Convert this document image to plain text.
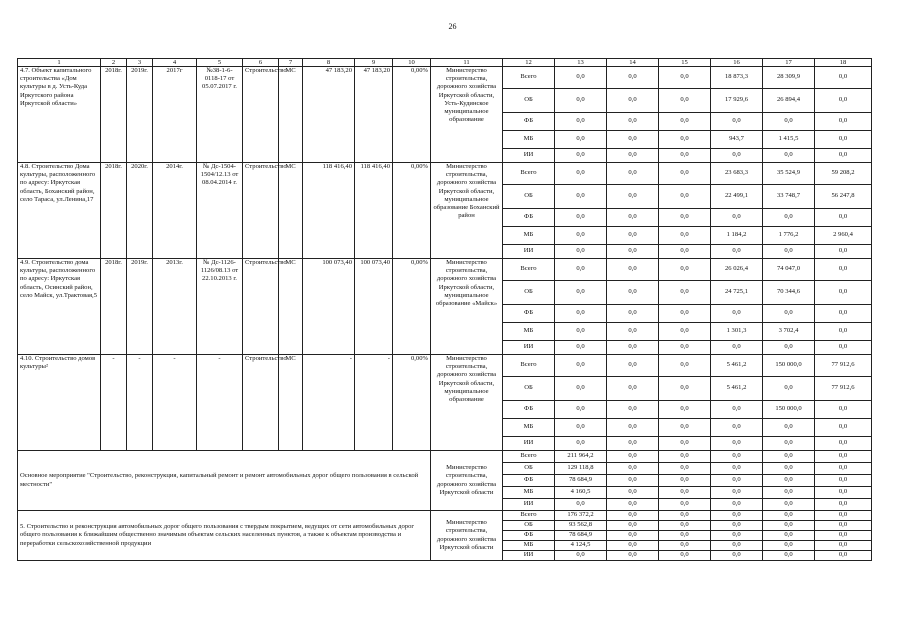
26
1	2	3	4	5	6	7	8	9	10	11	12	13	14	15	16	17	18
4.7. Объект капитального строительства «Дом культуры в д. Усть-Куда Иркутского района Иркутской области»	2018г.	2019г.	2017г	№38-1-6-0118-17 от 05.07.2017 г.	Строительство	МС	47 183,20	47 183,20	0,00%	Министерство строительства, дорожного хозяйства Иркутской области, Усть-Кудинское муниципальное образование	Всего	0,0	0,0	0,0	18 873,3	28 309,9	0,0
											ОБ	0,0	0,0	0,0	17 929,6	26 894,4	0,0
											ФБ	0,0	0,0	0,0	0,0	0,0	0,0
											МБ	0,0	0,0	0,0	943,7	1 415,5	0,0
											ИИ	0,0	0,0	0,0	0,0	0,0	0,0
4.8. Строительство Дома культуры, расположенного по адресу: Иркутская область, Боханский район, село Тараса, ул.Ленина,17	2018г.	2020г.	2014г.	№ Дс-1504-1504/12.13 от 08.04.2014 г.	Строительство	МС	118 416,40	118 416,40	0,00%	Министерство строительства, дорожного хозяйства Иркутской области, муниципальное образование Боханский район	Всего	0,0	0,0	0,0	23 683,3	35 524,9	59 208,2
											ОБ	0,0	0,0	0,0	22 499,1	33 748,7	56 247,8
											ФБ	0,0	0,0	0,0	0,0	0,0	0,0
											МБ	0,0	0,0	0,0	1 184,2	1 776,2	2 960,4
											ИИ	0,0	0,0	0,0	0,0	0,0	0,0
4.9. Строительство дома культуры, расположенного по адресу: Иркутская область, Осинский район, село Майск, ул.Трактовая,5	2018г.	2019г.	2013г.	№ Дс-1126-1126/08.13 от 22.10.2013 г.	Строительство	МС	100 073,40	100 073,40	0,00%	Министерство строительства, дорожного хозяйства Иркутской области, муниципальное образование «Майск»	Всего	0,0	0,0	0,0	26 026,4	74 047,0	0,0
											ОБ	0,0	0,0	0,0	24 725,1	70 344,6	0,0
											ФБ	0,0	0,0	0,0	0,0	0,0	0,0
											МБ	0,0	0,0	0,0	1 301,3	3 702,4	0,0
											ИИ	0,0	0,0	0,0	0,0	0,0	0,0
4.10. Строительство домов культуры²	-	-	-	-	Строительство	МС	-	-	0,00%	Министерство строительства, дорожного хозяйства Иркутской области, муниципальное образование	Всего	0,0	0,0	0,0	5 461,2	150 000,0	77 912,6
											ОБ	0,0	0,0	0,0	5 461,2	0,0	77 912,6
											ФБ	0,0	0,0	0,0	0,0	150 000,0	0,0
											МБ	0,0	0,0	0,0	0,0	0,0	0,0
											ИИ	0,0	0,0	0,0	0,0	0,0	0,0
Основное мероприятие "Строительство, реконструкция, капитальный ремонт и ремонт автомобильных дорог общего пользования в сельской местности"										Министерство строительства, дорожного хозяйства Иркутской области	Всего	211 964,2	0,0	0,0	0,0	0,0	0,0
											ОБ	129 118,8	0,0	0,0	0,0	0,0	0,0
											ФБ	78 684,9	0,0	0,0	0,0	0,0	0,0
											МБ	4 160,5	0,0	0,0	0,0	0,0	0,0
											ИИ	0,0	0,0	0,0	0,0	0,0	0,0
5. Строительство и реконструкция автомобильных дорог общего пользования с твердым покрытием, ведущих от сети автомобильных дорог общего пользования к ближайшим общественно значимым объектам сельских населенных пунктов, а также к объектам производства и переработки сельскохозяйственной продукции										Министерство строительства, дорожного хозяйства Иркутской области	Всего	176 372,2	0,0	0,0	0,0	0,0	0,0
											ОБ	93 562,8	0,0	0,0	0,0	0,0	0,0
											ФБ	78 684,9	0,0	0,0	0,0	0,0	0,0
											МБ	4 124,5	0,0	0,0	0,0	0,0	0,0
											ИИ	0,0	0,0	0,0	0,0	0,0	0,0
